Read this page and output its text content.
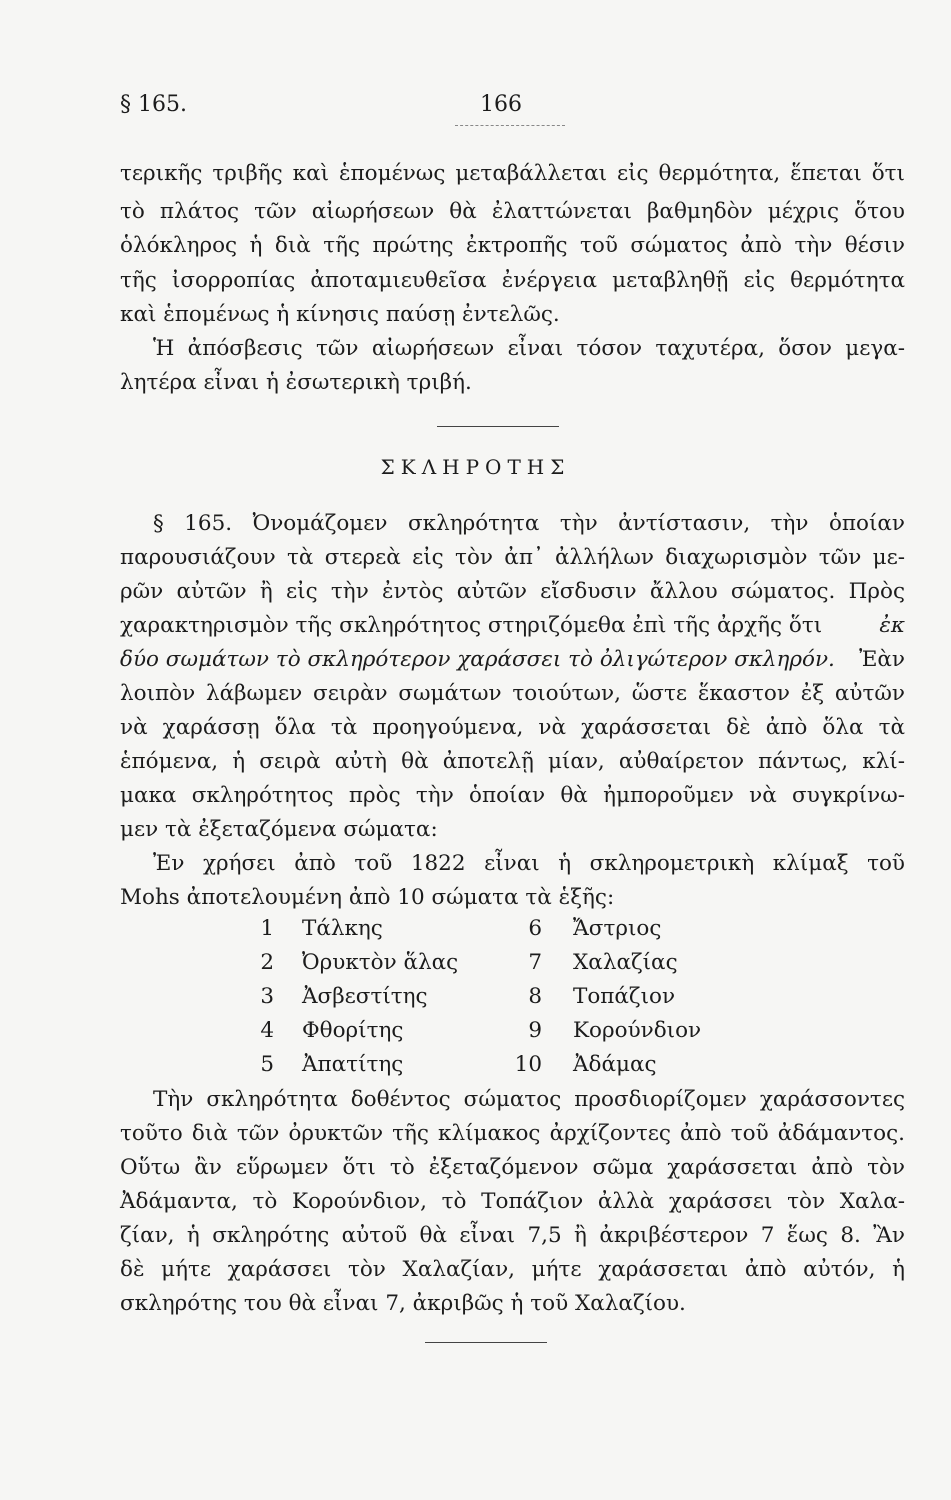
§ 165.	166
τερικῆς τριβῆς καὶ ἑπομένως μεταβάλλεται εἰς θερμότητα, ἕπεται ὅτι
τὸ πλάτος τῶν αἰωρήσεων θὰ ἐλαττώνεται βαθμηδὸν μέχρις ὅτου
ὁλόκληρος ἡ διὰ τῆς πρώτης ἐκτροπῆς τοῦ σώματος ἀπὸ τὴν θέσιν
τῆς ἰσορροπίας ἀποταμιευθεῖσα ἐνέργεια μεταβληθῇ εἰς θερμότητα
καὶ ἑπομένως ἡ κίνησις παύσῃ ἐντελῶς.
Ἡ ἀπόσβεσις τῶν αἰωρήσεων εἶναι τόσον ταχυτέρα, ὅσον μεγα-
λητέρα εἶναι ἡ ἐσωτερικὴ τριβή.
ΣΚΛΗΡΟΤΗΣ
§ 165. Ὀνομάζομεν σκληρότητα τὴν ἀντίστασιν, τὴν ὁποίαν
παρουσιάζουν τὰ στερεὰ εἰς τὸν ἀπ᾽ ἀλλήλων διαχωρισμὸν τῶν με-
ρῶν αὐτῶν ἢ εἰς τὴν ἐντὸς αὐτῶν εἴσδυσιν ἄλλου σώματος. Πρὸς
χαρακτηρισμὸν τῆς σκληρότητος στηριζόμεθα ἐπὶ τῆς ἀρχῆς ὅτι	ἐκ
δύο σωμάτων τὸ σκληρότερον χαράσσει τὸ ὀλιγώτερον σκληρόν. Ἐὰν
λοιπὸν λάβωμεν σειρὰν σωμάτων τοιούτων, ὥστε ἕκαστον ἐξ αὐτῶν
νὰ χαράσσῃ ὅλα τὰ προηγούμενα, νὰ χαράσσεται δὲ ἀπὸ ὅλα τὰ
ἑπόμενα, ἡ σειρὰ αὐτὴ θὰ ἀποτελῇ μίαν, αὐθαίρετον πάντως, κλί-
μακα σκληρότητος πρὸς τὴν ὁποίαν θὰ ἠμποροῦμεν νὰ συγκρίνω-
μεν τὰ ἐξεταζόμενα σώματα:
Ἐν χρήσει ἀπὸ τοῦ 1822 εἶναι ἡ σκληρομετρικὴ κλίμαξ τοῦ
Mohs ἀποτελουμένη ἀπὸ 10 σώματα τὰ ἑξῆς:
1 Τάλκης
2 Ὀρυκτὸν ἅλας
3 Ἀσβεστίτης
4 Φθορίτης
5 Ἀπατίτης
6 Ἄστριος
7 Χαλαζίας
8 Τοπάζιον
9 Κορούνδιον
10 Ἀδάμας
Τὴν σκληρότητα δοθέντος σώματος προσδιορίζομεν χαράσσοντες
τοῦτο διὰ τῶν ὀρυκτῶν τῆς κλίμακος ἀρχίζοντες ἀπὸ τοῦ ἀδάμαντος.
Οὕτω ἂν εὕρωμεν ὅτι τὸ ἐξεταζόμενον σῶμα χαράσσεται ἀπὸ τὸν
Ἀδάμαντα, τὸ Κορούνδιον, τὸ Τοπάζιον ἀλλὰ χαράσσει τὸν Χαλα-
ζίαν, ἡ σκληρότης αὐτοῦ θὰ εἶναι 7,5 ἢ ἀκριβέστερον 7 ἕως 8. Ἂν
δὲ μήτε χαράσσει τὸν Χαλαζίαν, μήτε χαράσσεται ἀπὸ αὐτόν, ἡ
σκληρότης του θὰ εἶναι 7, ἀκριβῶς ἡ τοῦ Χαλαζίου.
